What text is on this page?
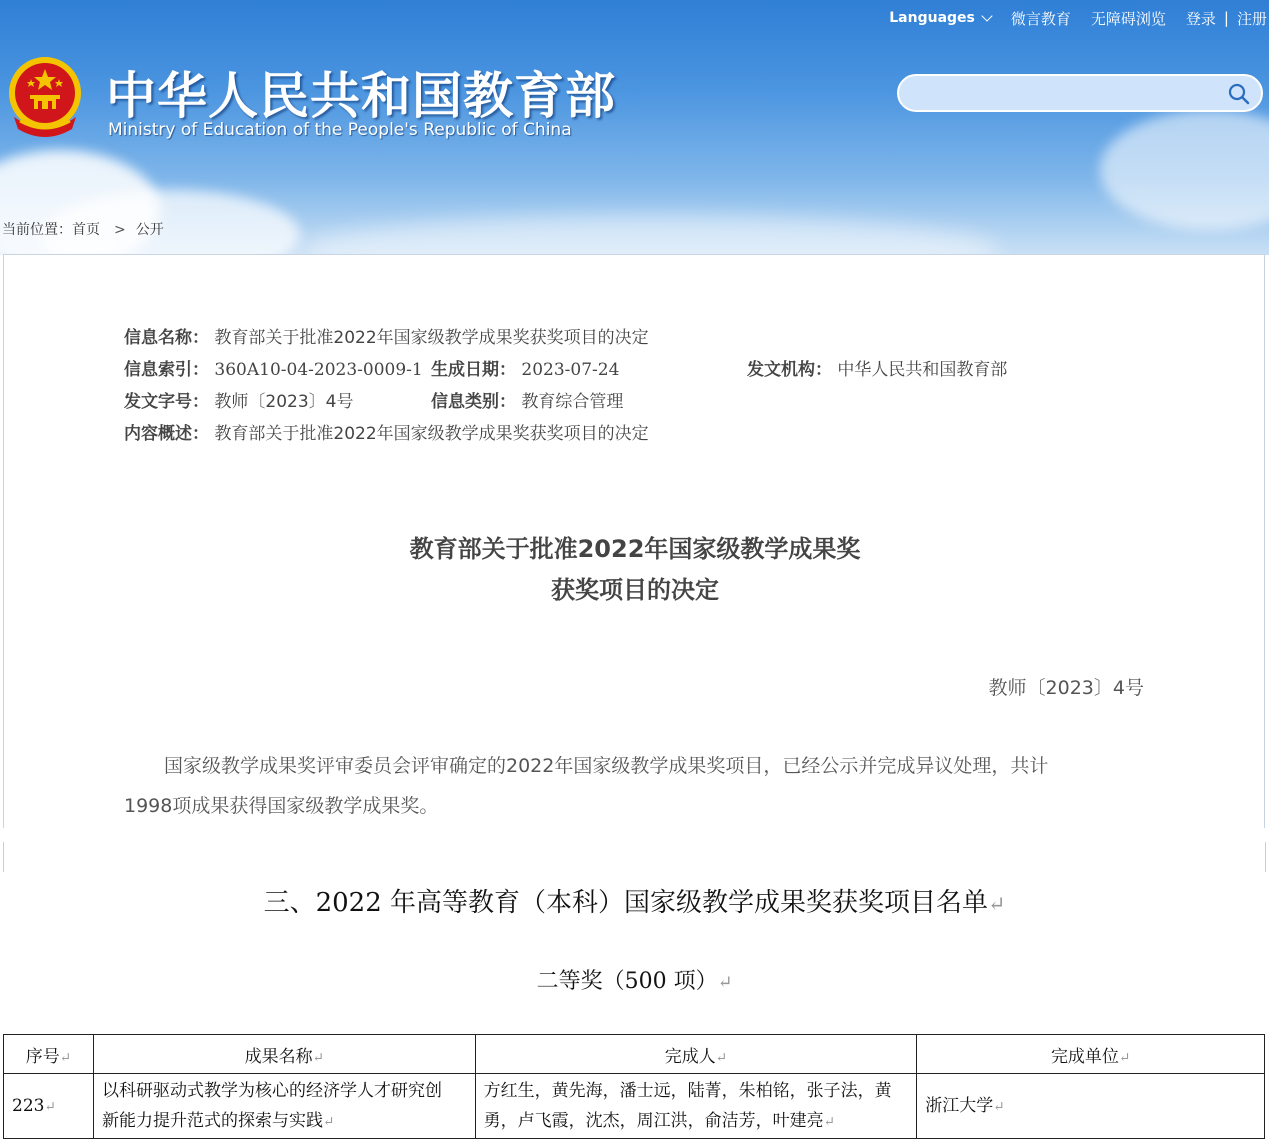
中华人民共和国教育部
Ministry of Education of the People's Republic of China
Languages 微言教育 无障碍浏览 登录 | 注册
当前位置：首页 > 公开
信息名称： 教育部关于批准2022年国家级教学成果奖获奖项目的决定
信息索引： 360A10-04-2023-0009-1 生成日期： 2023-07-24	发文机构： 中华人民共和国教育部
发文字号： 教师〔2023〕4号	信息类别： 教育综合管理
内容概述： 教育部关于批准2022年国家级教学成果奖获奖项目的决定
教育部关于批准2022年国家级教学成果奖
获奖项目的决定
教师〔2023〕4号
国家级教学成果奖评审委员会评审确定的2022年国家级教学成果奖项目，已经公示并完成异议处理，共计
1998项成果获得国家级教学成果奖。
三、2022 年高等教育（本科）国家级教学成果奖获奖项目名单↵
二等奖（500 项）↵
序号↵	成果名称↵	完成人↵	完成单位↵
223↵	以科研驱动式教学为核心的经济学人才研究创
新能力提升范式的探索与实践↵	方红生，黄先海，潘士远，陆菁，朱柏铭，张子法，黄
勇，卢飞霞，沈杰，周江洪，俞洁芳，叶建亮↵	浙江大学↵
